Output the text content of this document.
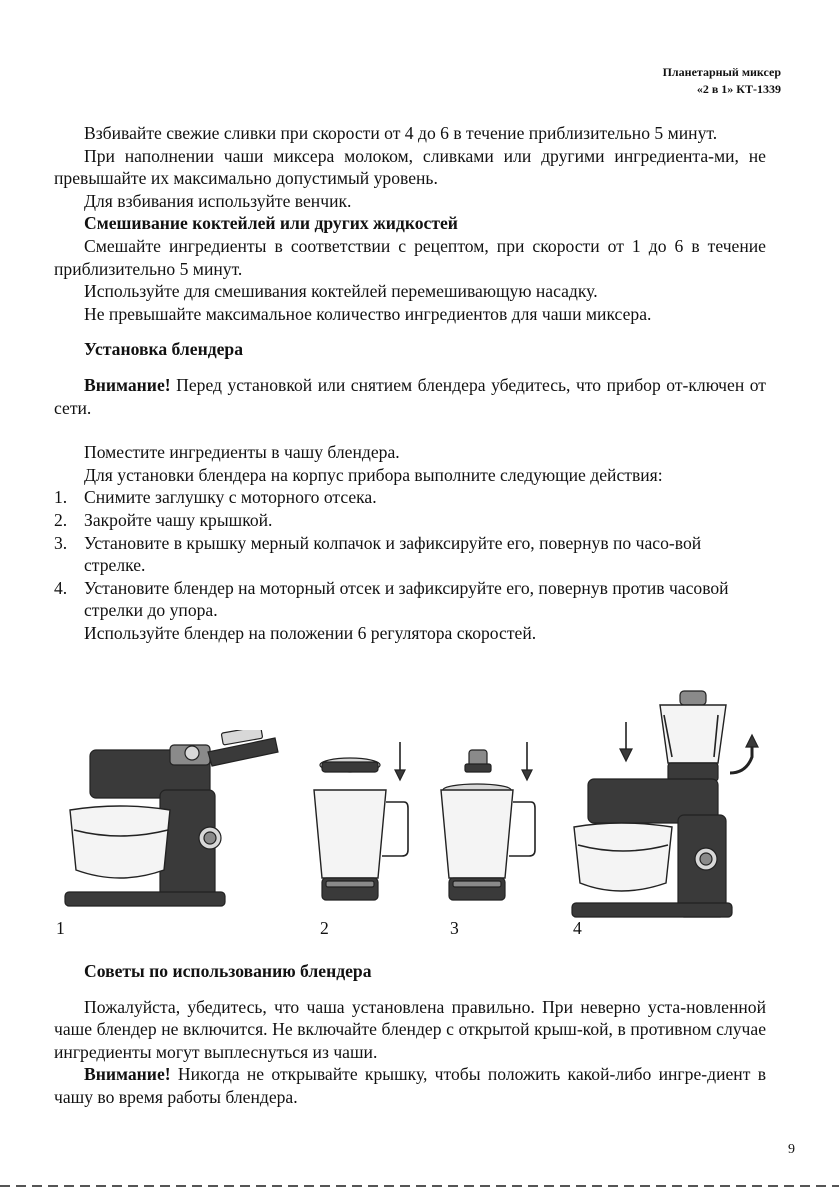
Планетарный миксер
«2 в 1» КТ-1339

Взбивайте свежие сливки при скорости от 4 до 6 в течение приблизительно 5 минут.

При наполнении чаши миксера молоком, сливками или другими ингредиента-ми, не превышайте их максимально допустимый уровень.

Для взбивания используйте венчик.

Смешивание коктейлей или других жидкостей

Смешайте ингредиенты в соответствии с рецептом, при скорости от 1 до 6 в течение приблизительно 5 минут.

Используйте для смешивания коктейлей перемешивающую насадку.

Не превышайте максимальное количество ингредиентов для чаши миксера.

Установка блендера

Внимание! Перед установкой или снятием блендера убедитесь, что прибор от-ключен от сети.

Поместите ингредиенты в чашу блендера.

Для установки блендера на корпус прибора выполните следующие действия:

1. Снимите заглушку с моторного отсека.
2. Закройте чашу крышкой.
3. Установите в крышку мерный колпачок и зафиксируйте его, повернув по часо-вой стрелке.
4. Установите блендер на моторный отсек и зафиксируйте его, повернув против часовой стрелки до упора.

Используйте блендер на положении 6 регулятора скоростей.

1	2	3	4

Советы по использованию блендера

Пожалуйста, убедитесь, что чаша установлена правильно. При неверно уста-новленной чаше блендер не включится. Не включайте блендер с открытой крыш-кой, в противном случае ингредиенты могут выплеснуться из чаши.

Внимание! Никогда не открывайте крышку, чтобы положить какой-либо ингре-диент в чашу во время работы блендера.

9
